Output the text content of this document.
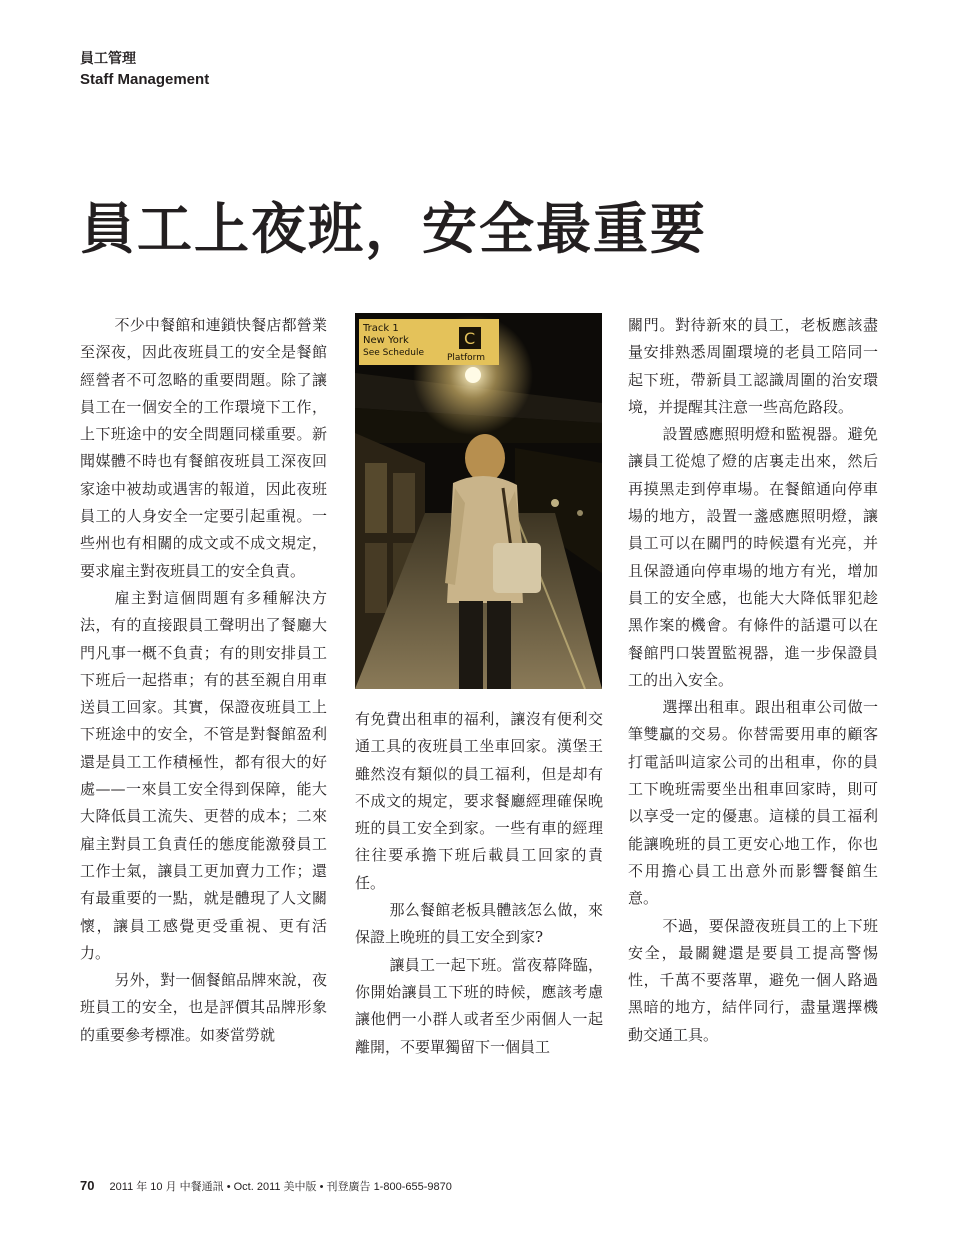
員工管理
Staff Management
員工上夜班，安全最重要

不少中餐館和連鎖快餐店都營業至深夜，因此夜班員工的安全是餐館經營者不可忽略的重要問題。除了讓員工在一個安全的工作環境下工作，上下班途中的安全問題同樣重要。新聞媒體不時也有餐館夜班員工深夜回家途中被劫或遇害的報道，因此夜班員工的人身安全一定要引起重視。一些州也有相關的成文或不成文規定，要求雇主對夜班員工的安全負責。

雇主對這個問題有多種解決方法，有的直接跟員工聲明出了餐廳大門凡事一概不負責；有的則安排員工下班后一起搭車；有的甚至親自用車送員工回家。其實，保證夜班員工上下班途中的安全，不管是對餐館盈利還是員工工作積極性，都有很大的好處——一來員工安全得到保障，能大大降低員工流失、更替的成本；二來雇主對員工負責任的態度能激發員工工作士氣，讓員工更加賣力工作；還有最重要的一點，就是體現了人文關懷，讓員工感覺更受重視、更有活力。

另外，對一個餐館品牌來說，夜班員工的安全，也是評價其品牌形象的重要參考標准。如麥當勞就

Track 1
New York
See Schedule	Platform
C

有免費出租車的福利，讓沒有便利交通工具的夜班員工坐車回家。漢堡王雖然沒有類似的員工福利，但是却有不成文的規定，要求餐廳經理確保晚班的員工安全到家。一些有車的經理往往要承擔下班后載員工回家的責任。

那么餐館老板具體該怎么做，來保證上晚班的員工安全到家?

讓員工一起下班。當夜幕降臨，你開始讓員工下班的時候，應該考慮讓他們一小群人或者至少兩個人一起離開，不要單獨留下一個員工

關門。對待新來的員工，老板應該盡量安排熟悉周圍環境的老員工陪同一起下班，帶新員工認識周圍的治安環境，并提醒其注意一些高危路段。

設置感應照明燈和監視器。避免讓員工從熄了燈的店裏走出來，然后再摸黑走到停車場。在餐館通向停車場的地方，設置一盞感應照明燈，讓員工可以在關門的時候還有光亮，并且保證通向停車場的地方有光，增加員工的安全感，也能大大降低罪犯趁黑作案的機會。有條件的話還可以在餐館門口裝置監視器，進一步保證員工的出入安全。

選擇出租車。跟出租車公司做一筆雙贏的交易。你替需要用車的顧客打電話叫這家公司的出租車，你的員工下晚班需要坐出租車回家時，則可以享受一定的優惠。這樣的員工福利能讓晚班的員工更安心地工作，你也不用擔心員工出意外而影響餐館生意。

不過，要保證夜班員工的上下班安全，最關鍵還是要員工提高警惕性，千萬不要落單，避免一個人路過黑暗的地方，結伴同行，盡量選擇機動交通工具。

70 2011 年 10 月 中餐通訊 • Oct. 2011 美中版 • 刊登廣告 1-800-655-9870
